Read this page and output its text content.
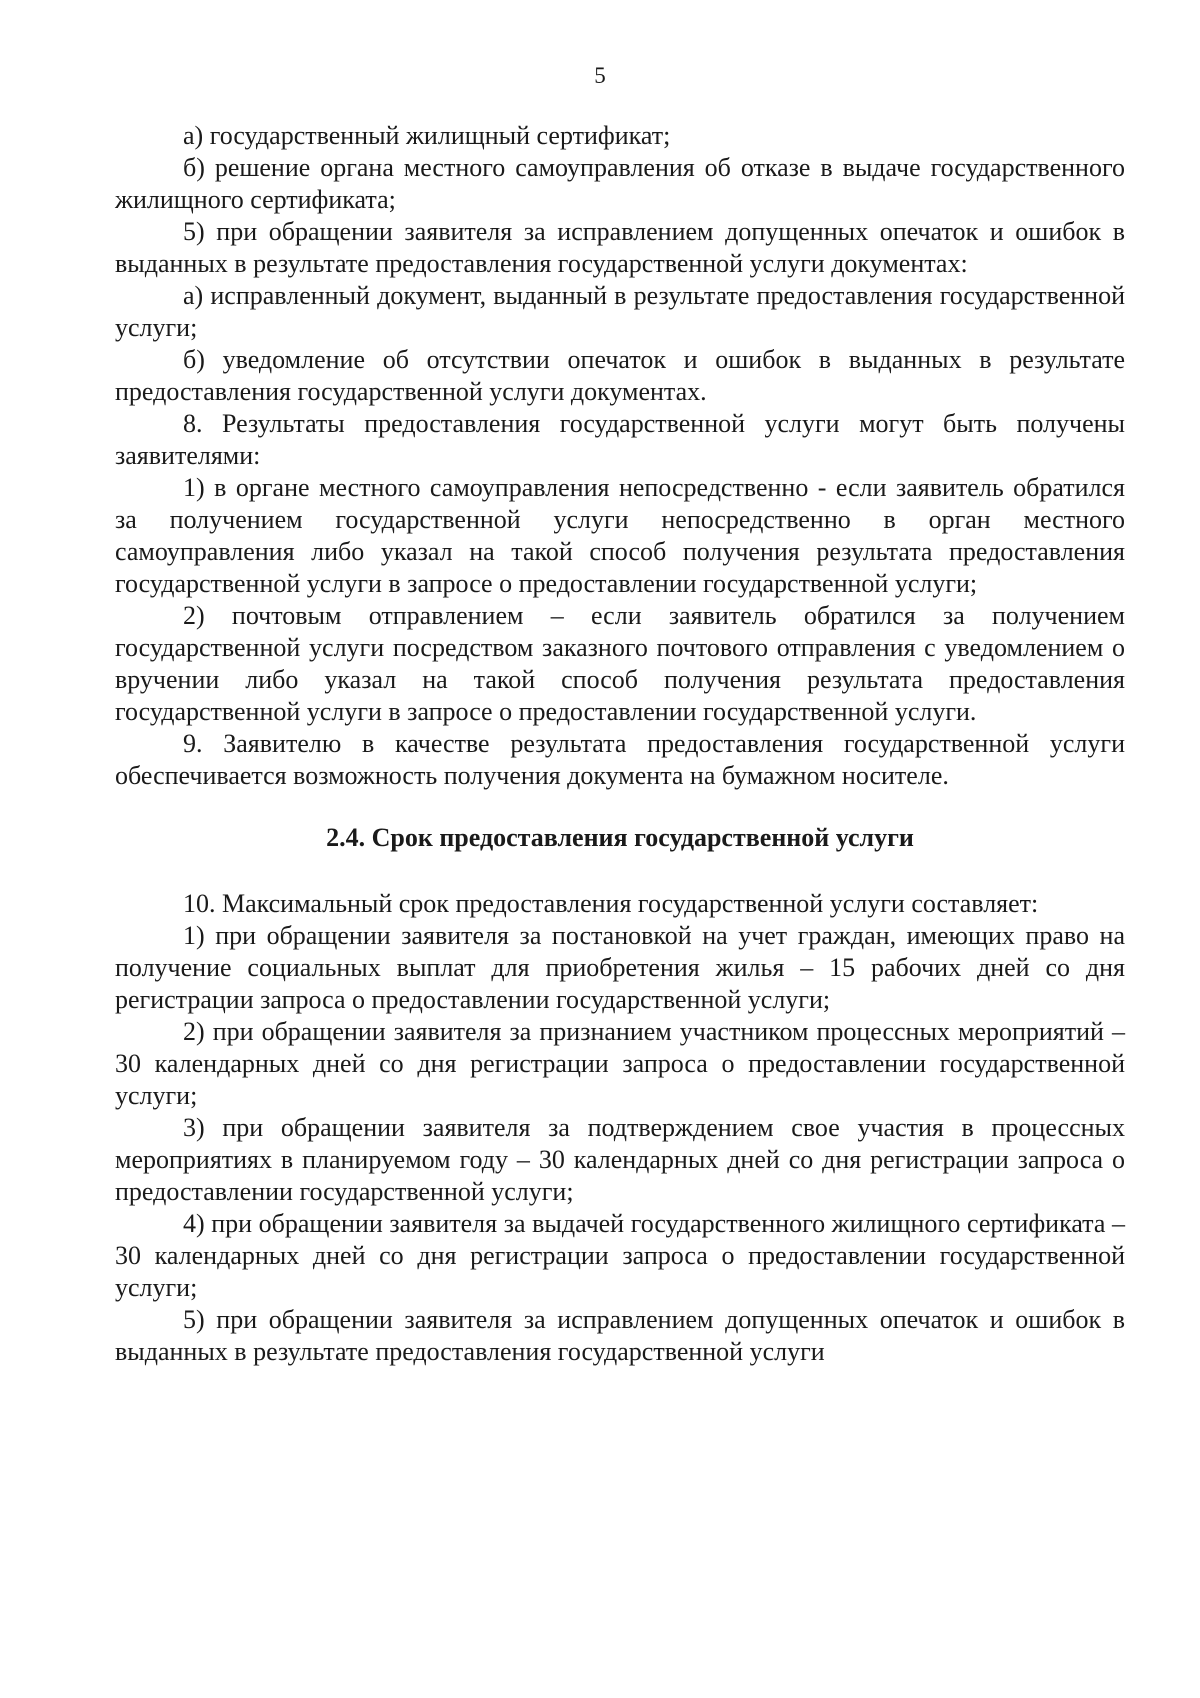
5

а) государственный жилищный сертификат;

б) решение органа местного самоуправления об отказе в выдаче государственного жилищного сертификата;

5) при обращении заявителя за исправлением допущенных опечаток и ошибок в выданных в результате предоставления государственной услуги документах:

а) исправленный документ, выданный в результате предоставления государственной услуги;

б) уведомление об отсутствии опечаток и ошибок в выданных в результате предоставления государственной услуги документах.

8. Результаты предоставления государственной услуги могут быть получены заявителями:

1) в органе местного самоуправления непосредственно - если заявитель обратился за получением государственной услуги непосредственно в орган местного самоуправления либо указал на такой способ получения результата предоставления государственной услуги в запросе о предоставлении государственной услуги;

2) почтовым отправлением – если заявитель обратился за получением государственной услуги посредством заказного почтового отправления с уведомлением о вручении либо указал на такой способ получения результата предоставления государственной услуги в запросе о предоставлении государственной услуги.

9. Заявителю в качестве результата предоставления государственной услуги обеспечивается возможность получения документа на бумажном носителе.

2.4. Срок предоставления государственной услуги

10. Максимальный срок предоставления государственной услуги составляет:

1) при обращении заявителя за постановкой на учет граждан, имеющих право на получение социальных выплат для приобретения жилья – 15 рабочих дней со дня регистрации запроса о предоставлении государственной услуги;

2) при обращении заявителя за признанием участником процессных мероприятий – 30 календарных дней со дня регистрации запроса о предоставлении государственной услуги;

3) при обращении заявителя за подтверждением свое участия в процессных мероприятиях в планируемом году – 30 календарных дней со дня регистрации запроса о предоставлении государственной услуги;

4) при обращении заявителя за выдачей государственного жилищного сертификата – 30 календарных дней со дня регистрации запроса о предоставлении государственной услуги;

5) при обращении заявителя за исправлением допущенных опечаток и ошибок в выданных в результате предоставления государственной услуги
